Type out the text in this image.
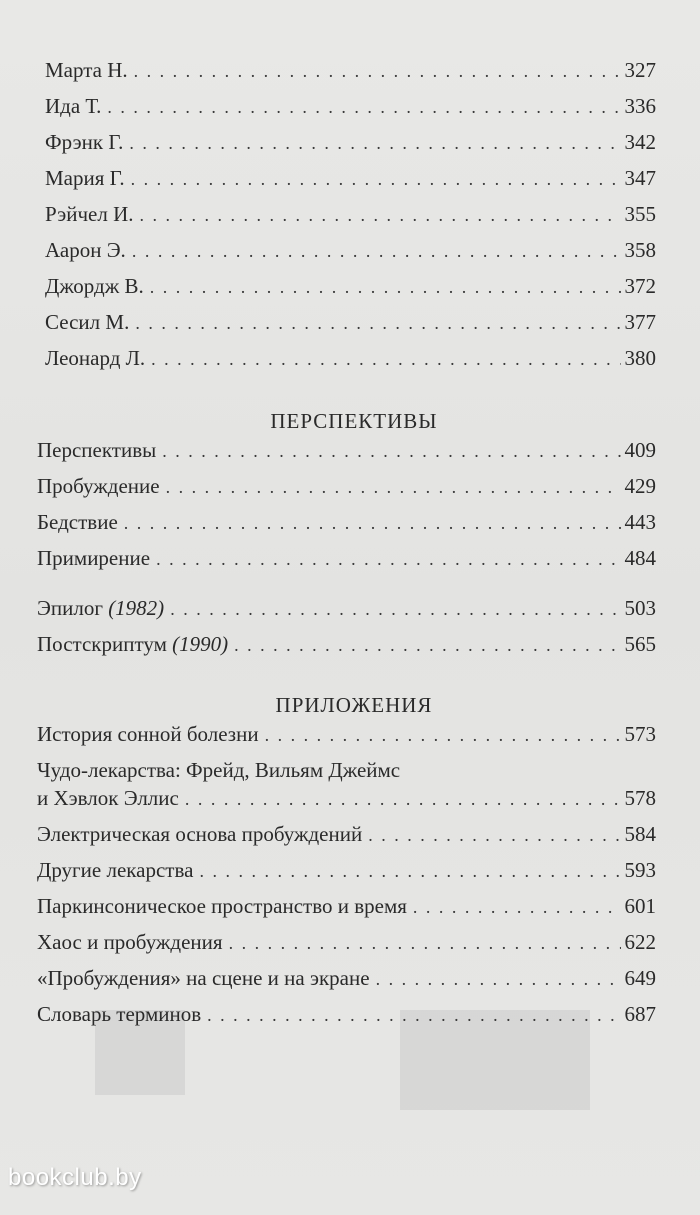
Марта Н. . . .	327
Ида Т. . . .	336
Фрэнк Г. . . .	342
Мария Г. . . .	347
Рэйчел И. . . .	355
Аарон Э. . . .	358
Джордж В. . . .	372
Сесил М. . . .	377
Леонард Л. . . .	380
ПЕРСПЕКТИВЫ
Перспективы . . .	409
Пробуждение . . .	429
Бедствие . . .	443
Примирение . . .	484
Эпилог (1982) . . .	503
Постскриптум (1990) . . .	565
ПРИЛОЖЕНИЯ
История сонной болезни . . .	573
Чудо-лекарства: Фрейд, Вильям Джеймс
и Хэвлок Эллис . . .	578
Электрическая основа пробуждений . . .	584
Другие лекарства . . .	593
Паркинсоническое пространство и время . . .	601
Хаос и пробуждения . . .	622
«Пробуждения» на сцене и на экране . . .	649
Словарь терминов . . .	687
bookclub.by
